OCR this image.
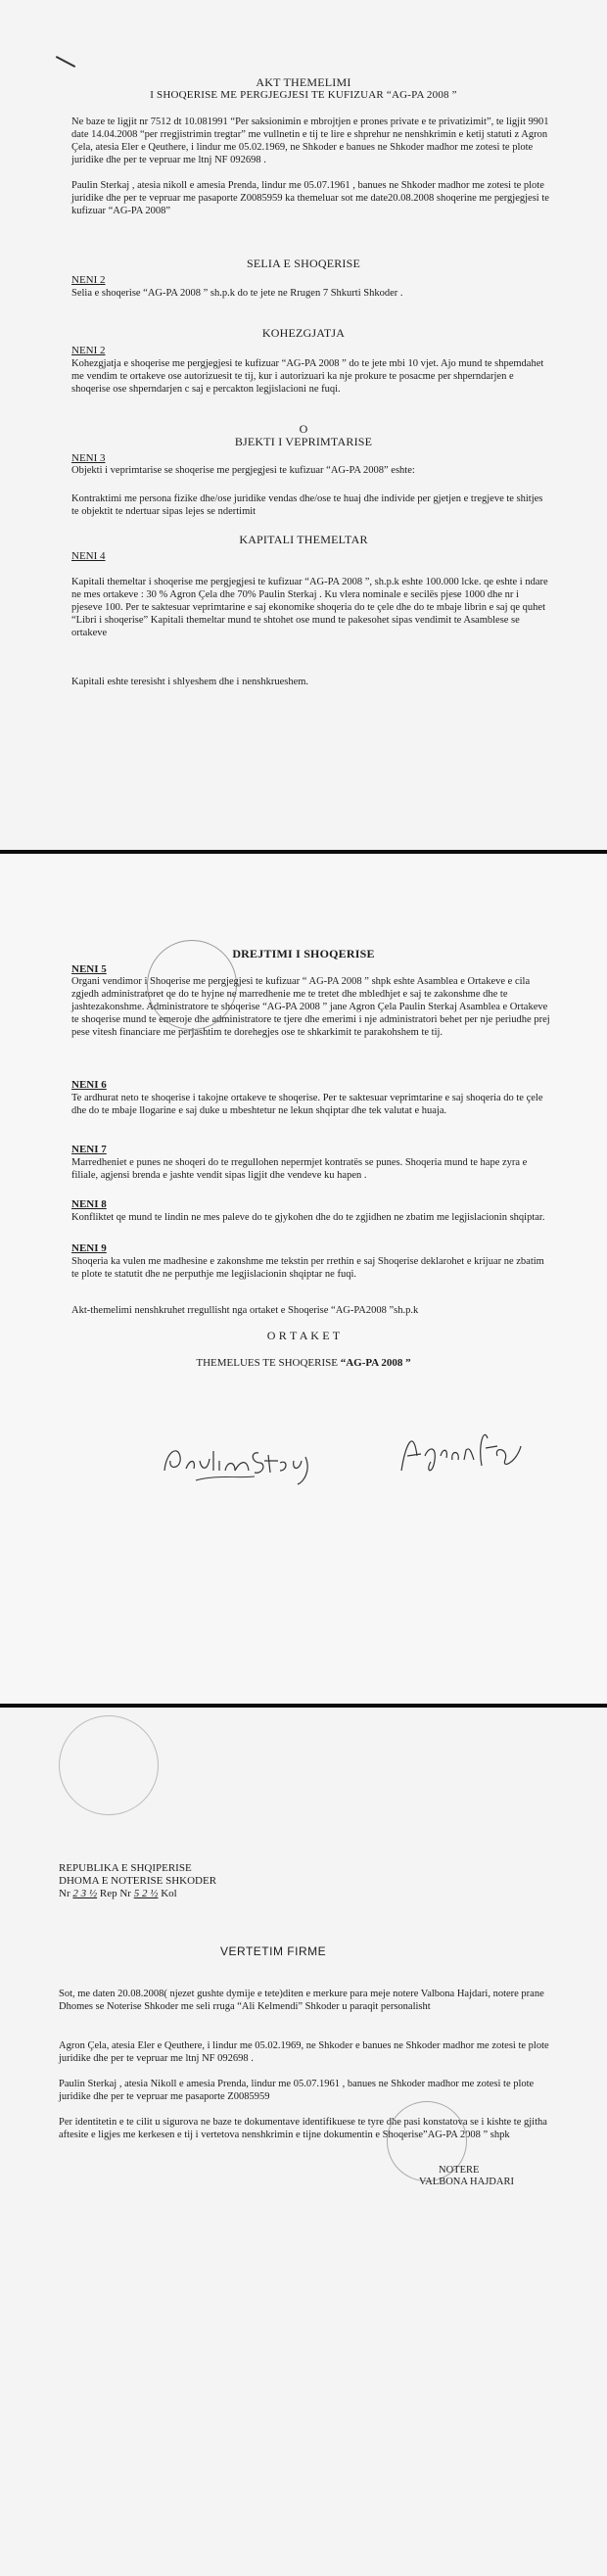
AKT THEMELIMI
I SHOQERISE ME PERGJEGJESI TE KUFIZUAR “AG-PA 2008 ”
Ne baze te ligjit nr 7512 dt 10.081991 “Per saksionimin e mbrojtjen e prones private e te privatizimit”, te ligjit 9901 date 14.04.2008 “per rregjistrimin tregtar” me vullnetin e tij te lire e shprehur ne nenshkrimin e ketij statuti z Agron Çela, atesia Eler e Qeuthere, i lindur me 05.02.1969, ne Shkoder e banues ne Shkoder madhor me zotesi te plote juridike dhe per te vepruar me ltnj NF 092698 .
Paulin Sterkaj , atesia nikoll e amesia Prenda, lindur me 05.07.1961 , banues ne Shkoder madhor me zotesi te plote juridike dhe per te vepruar me pasaporte Z0085959 ka themeluar sot me date20.08.2008 shoqerine me pergjegjesi te kufizuar “AG-PA 2008”
SELIA E SHOQERISE
NENI 2
Selia e shoqerise “AG-PA 2008 ” sh.p.k do te jete ne Rrugen 7 Shkurti Shkoder .
KOHEZGJATJA
NENI 2
Kohezgjatja e shoqerise me pergjegjesi te kufizuar “AG-PA 2008 ” do te jete mbi 10 vjet. Ajo mund te shpemdahet me vendim te ortakeve ose autorizuesit te tij, kur i autorizuari ka nje prokure te posacme per shperndarjen e shoqerise ose shperndarjen c saj e percakton legjislacioni ne fuqi.
O
BJEKTI I VEPRIMTARISE
NENI 3
Objekti i veprimtarise se shoqerise me pergjegjesi te kufizuar “AG-PA 2008” eshte:
Kontraktimi me persona fizike dhe/ose juridike vendas dhe/ose te huaj dhe individe per gjetjen e tregjeve te shitjes te objektit te ndertuar sipas lejes se ndertimit
KAPITALI THEMELTAR
NENI 4
Kapitali themeltar i shoqerise me pergjegjesi te kufizuar “AG-PA 2008 ”, sh.p.k eshte 100.000 lcke. qe eshte i ndare ne mes ortakeve : 30 % Agron Çela dhe 70% Paulin Sterkaj . Ku vlera nominale e secilës pjese 1000 dhe nr i pjeseve 100. Per te saktesuar veprimtarine e saj ekonomike shoqeria do te çele dhe do te mbaje librin e saj qe quhet “Libri i shoqerise” Kapitali themeltar mund te shtohet ose mund te pakesohet sipas vendimit te Asamblese se ortakeve
Kapitali eshte teresisht i shlyeshem dhe i nenshkrueshem.
DREJTIMI I SHOQERISE
NENI 5
Organi vendimor i Shoqerise me pergjegjesi te kufizuar “ AG-PA 2008 ” shpk eshte Asamblea e Ortakeve e cila zgjedh administratoret qe do te hyjne ne marredhenie me te tretet dhe mbledhjet e saj te zakonshme dhe te jashtezakonshme. Administratore te shoqerise “AG-PA 2008 ” jane Agron Çela Paulin Sterkaj Asamblea e Ortakeve te shoqerise mund te emeroje dhe administratore te tjere dhe emerimi i nje administratori behet per nje periudhe prej pese vitesh financiare me perjashtim te dorehegjes ose te shkarkimit te parakohshem te tij.
NENI 6
Te ardhurat neto te shoqerise i takojne ortakeve te shoqerise. Per te saktesuar veprimtarine e saj shoqeria do te çele dhe do te mbaje llogarine e saj duke u mbeshtetur ne lekun shqiptar dhe tek valutat e huaja.
NENI 7
Marredheniet e punes ne shoqeri do te rregullohen nepermjet kontratës se punes. Shoqeria mund te hape zyra e filiale, agjensi brenda e jashte vendit sipas ligjit dhe vendeve ku hapen .
NENI 8
Konfliktet qe mund te lindin ne mes paleve do te gjykohen dhe do te zgjidhen ne zbatim me legjislacionin shqiptar.
NENI 9
Shoqeria ka vulen me madhesine e zakonshme me tekstin per rrethin e saj Shoqerise deklarohet e krijuar ne zbatim te plote te statutit dhe ne perputhje me legjislacionin shqiptar ne fuqi.
Akt-themelimi nenshkruhet rregullisht nga ortaket e Shoqerise “AG-PA2008 ”sh.p.k
O R T A K E T
THEMELUES TE SHOQERISE “AG-PA 2008 ”
REPUBLIKA E SHQIPERISE
DHOMA E NOTERISE SHKODER
Nr 2 3 ½ Rep Nr 5 2 ½ Kol
VERTETIM FIRME
Sot, me daten 20.08.2008( njezet gushte dymije e tete)diten e merkure para meje notere Valbona Hajdari, notere prane Dhomes se Noterise Shkoder me seli rruga “Ali Kelmendi” Shkoder u paraqit personalisht
Agron Çela, atesia Eler e Qeuthere, i lindur me 05.02.1969, ne Shkoder e banues ne Shkoder madhor me zotesi te plote juridike dhe per te vepruar me ltnj NF 092698 .
Paulin Sterkaj , atesia Nikoll e amesia Prenda, lindur me 05.07.1961 , banues ne Shkoder madhor me zotesi te plote juridike dhe per te vepruar me pasaporte Z0085959
Per identitetin e te cilit u sigurova ne baze te dokumentave identifikuese te tyre dhe pasi konstatova se i kishte te gjitha aftesite e ligjes me kerkesen e tij i vertetova nenshkrimin e tijne dokumentin e Shoqerise”AG-PA 2008 ” shpk
NOTERE
VALBONA HAJDARI
